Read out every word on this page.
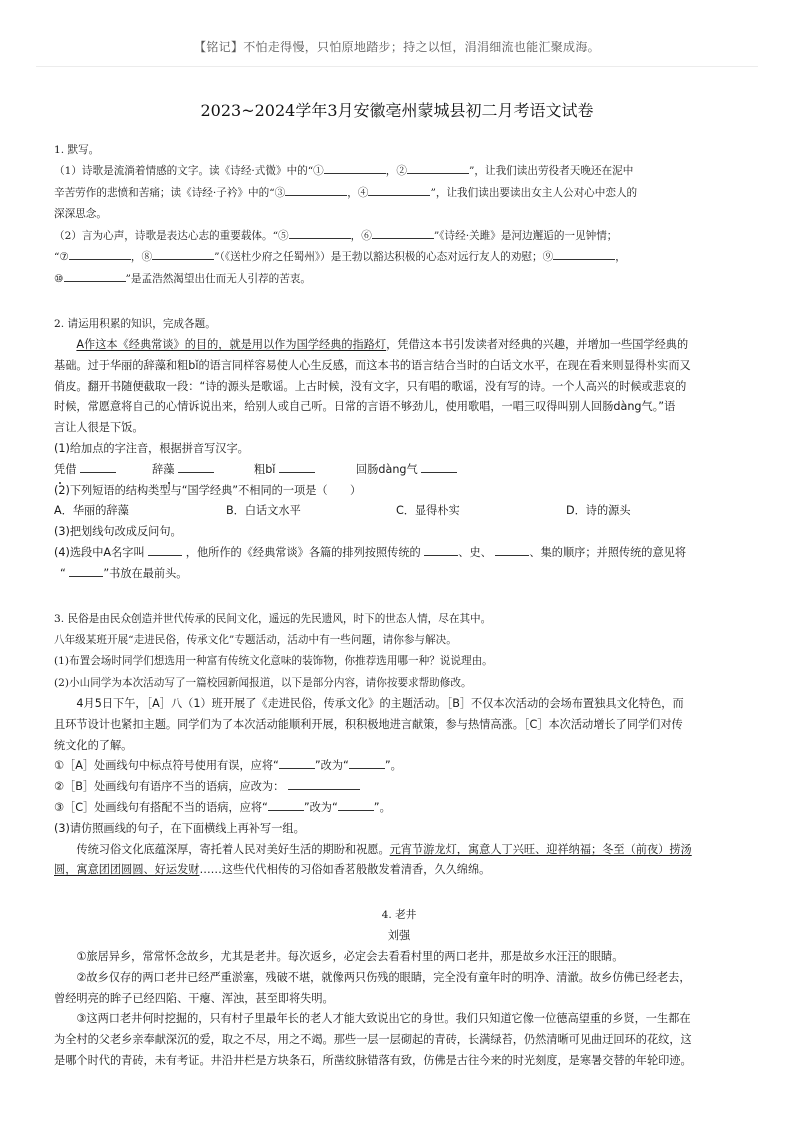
【铭记】不怕走得慢，只怕原地踏步；持之以恒，涓涓细流也能汇聚成海。
2023~2024学年3月安徽亳州蒙城县初二月考语文试卷

1. 默写。

（1）诗歌是流淌着情感的文字。读《诗经·式微》中的“①	，②	”，让我们读出劳役者天晚还在泥中

辛苦劳作的悲愤和苦痛；读《诗经·子衿》中的“③	，④	”，让我们读出要读出女主人公对心中恋人的

深深思念。

（2）言为心声，诗歌是表达心志的重要载体。“⑤	，⑥	”《诗经·关雎》是河边邂逅的一见钟情；

“⑦	，⑧	”（《送杜少府之任蜀州》）是王勃以豁达积极的心态对远行友人的劝慰；⑨	，

⑩	”是孟浩然渴望出仕而无人引荐的苦衷。

2. 请运用积累的知识，完成各题。

A作这本《经典常谈》的目的，就是用以作为国学经典的指路灯，凭借这本书引发读者对经典的兴趣，并增加一些国学经典的

基础。过于华丽的辞藻和粗bǐ的语言同样容易使人心生反感，而这本书的语言结合当时的白话文水平，在现在看来则显得朴实而又

俏皮。翻开书随便截取一段：“诗的源头是歌谣。上古时候，没有文字，只有唱的歌谣，没有写的诗。一个人高兴的时候或悲哀的

时候，常愿意将自己的心情诉说出来，给别人或自己听。日常的言语不够劲儿，使用歌唱，一唱三叹得叫别人回肠dàng气。”语

言让人很是下饭。

(1)给加点的字注音，根据拼音写汉字。

凭借	辞藻	粗bǐ	回肠dàng气

(2)下列短语的结构类型与“国学经典”不相同的一项是（　　）

A．华丽的辞藻	B．白话文水平	C．显得朴实	D．诗的源头

(3)把划线句改成反问句。

(4)选段中A名字叫	，他所作的《经典常谈》各篇的排列按照传统的	、史、	、集的顺序；并照传统的意见将

“	”书放在最前头。

3. 民俗是由民众创造并世代传承的民间文化，遥远的先民遗风，时下的世态人情，尽在其中。

八年级某班开展“走进民俗，传承文化”专题活动，活动中有一些问题，请你参与解决。

(1)布置会场时同学们想选用一种富有传统文化意味的装饰物，你推荐选用哪一种？说说理由。

(2)小山同学为本次活动写了一篇校园新闻报道，以下是部分内容，请你按要求帮助修改。

4月5日下午，［A］八（1）班开展了《走进民俗，传承文化》的主题活动。［B］不仅本次活动的会场布置独具文化特色，而

且环节设计也紧扣主题。同学们为了本次活动能顺利开展，积积极地进言献策，参与热情高涨。［C］本次活动增长了同学们对传

统文化的了解。

①［A］处画线句中标点符号使用有误，应将“	”改为“	”。

②［B］处画线句有语序不当的语病，应改为：

③［C］处画线句有搭配不当的语病，应将“	”改为“	”。

(3)请仿照画线的句子，在下面横线上再补写一组。

传统习俗文化底蕴深厚，寄托着人民对美好生活的期盼和祝愿。元宵节游龙灯，寓意人丁兴旺、迎祥纳福；冬至（前夜）捞汤

圆，寓意团团圆圆、好运发财……这些代代相传的习俗如香茗般散发着清香，久久绵绵。

4. 老井

刘强

①旅居异乡，常常怀念故乡，尤其是老井。每次返乡，必定会去看看村里的两口老井，那是故乡水汪汪的眼睛。

②故乡仅存的两口老井已经严重淤塞，残破不堪，就像两只伤残的眼睛，完全没有童年时的明净、清澈。故乡仿佛已经老去，

曾经明亮的眸子已经四陷、干瘪、浑浊，甚至即将失明。

③这两口老井何时挖掘的，只有村子里最年长的老人才能大致说出它的身世。我们只知道它像一位德高望重的乡贤，一生都在

为全村的父老乡亲奉献深沉的爱，取之不尽，用之不竭。那些一层一层砌起的青砖，长满绿苔，仍然清晰可见曲迂回环的花纹，这

是哪个时代的青砖，未有考证。井沿井栏是方块条石，所凿纹脉错落有致，仿佛是古往今来的时光刻度，是寒暑交替的年轮印迹。
